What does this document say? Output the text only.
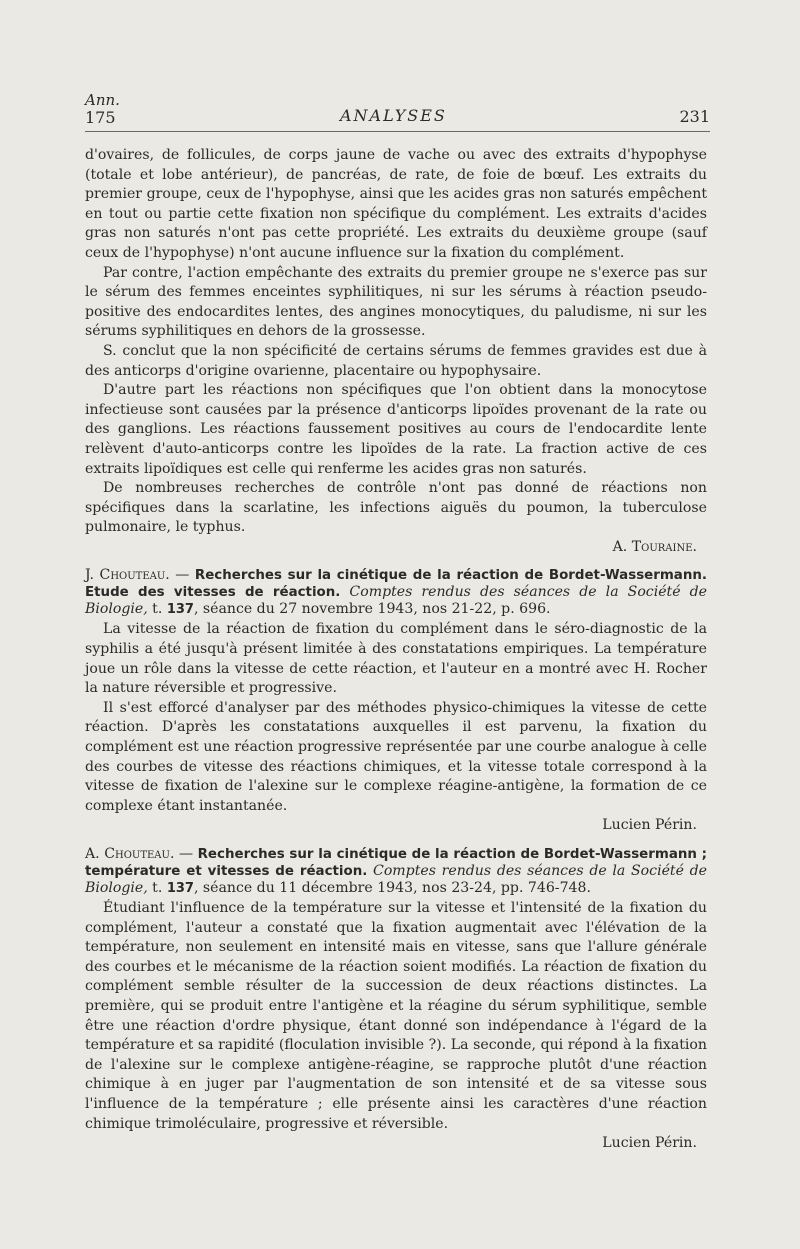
Ann.
175	ANALYSES	231

d'ovaires, de follicules, de corps jaune de vache ou avec des extraits d'hypophyse (totale et lobe antérieur), de pancréas, de rate, de foie de bœuf. Les extraits du premier groupe, ceux de l'hypophyse, ainsi que les acides gras non saturés empêchent en tout ou partie cette fixation non spécifique du complément. Les extraits d'acides gras non saturés n'ont pas cette propriété. Les extraits du deuxième groupe (sauf ceux de l'hypophyse) n'ont aucune influence sur la fixation du complément.

Par contre, l'action empêchante des extraits du premier groupe ne s'exerce pas sur le sérum des femmes enceintes syphilitiques, ni sur les sérums à réaction pseudo-positive des endocardites lentes, des angines monocytiques, du paludisme, ni sur les sérums syphilitiques en dehors de la grossesse.

S. conclut que la non spécificité de certains sérums de femmes gravides est due à des anticorps d'origine ovarienne, placentaire ou hypophysaire.

D'autre part les réactions non spécifiques que l'on obtient dans la monocytose infectieuse sont causées par la présence d'anticorps lipoïdes provenant de la rate ou des ganglions. Les réactions faussement positives au cours de l'endocardite lente relèvent d'auto-anticorps contre les lipoïdes de la rate. La fraction active de ces extraits lipoïdiques est celle qui renferme les acides gras non saturés.

De nombreuses recherches de contrôle n'ont pas donné de réactions non spécifiques dans la scarlatine, les infections aiguës du poumon, la tuberculose pulmonaire, le typhus.

A. Touraine.

J. Chouteau. — Recherches sur la cinétique de la réaction de Bordet-Wassermann. Etude des vitesses de réaction. Comptes rendus des séances de la Société de Biologie, t. 137, séance du 27 novembre 1943, nos 21-22, p. 696.

La vitesse de la réaction de fixation du complément dans le séro-diagnostic de la syphilis a été jusqu'à présent limitée à des constatations empiriques. La température joue un rôle dans la vitesse de cette réaction, et l'auteur en a montré avec H. Rocher la nature réversible et progressive.

Il s'est efforcé d'analyser par des méthodes physico-chimiques la vitesse de cette réaction. D'après les constatations auxquelles il est parvenu, la fixation du complément est une réaction progressive représentée par une courbe analogue à celle des courbes de vitesse des réactions chimiques, et la vitesse totale correspond à la vitesse de fixation de l'alexine sur le complexe réagine-antigène, la formation de ce complexe étant instantanée.

Lucien Périn.

A. Chouteau. — Recherches sur la cinétique de la réaction de Bordet-Wassermann ; température et vitesses de réaction. Comptes rendus des séances de la Société de Biologie, t. 137, séance du 11 décembre 1943, nos 23-24, pp. 746-748.

Étudiant l'influence de la température sur la vitesse et l'intensité de la fixation du complément, l'auteur a constaté que la fixation augmentait avec l'élévation de la température, non seulement en intensité mais en vitesse, sans que l'allure générale des courbes et le mécanisme de la réaction soient modifiés. La réaction de fixation du complément semble résulter de la succession de deux réactions distinctes. La première, qui se produit entre l'antigène et la réagine du sérum syphilitique, semble être une réaction d'ordre physique, étant donné son indépendance à l'égard de la température et sa rapidité (floculation invisible ?). La seconde, qui répond à la fixation de l'alexine sur le complexe antigène-réagine, se rapproche plutôt d'une réaction chimique à en juger par l'augmentation de son intensité et de sa vitesse sous l'influence de la température ; elle présente ainsi les caractères d'une réaction chimique trimoléculaire, progressive et réversible.

Lucien Périn.
